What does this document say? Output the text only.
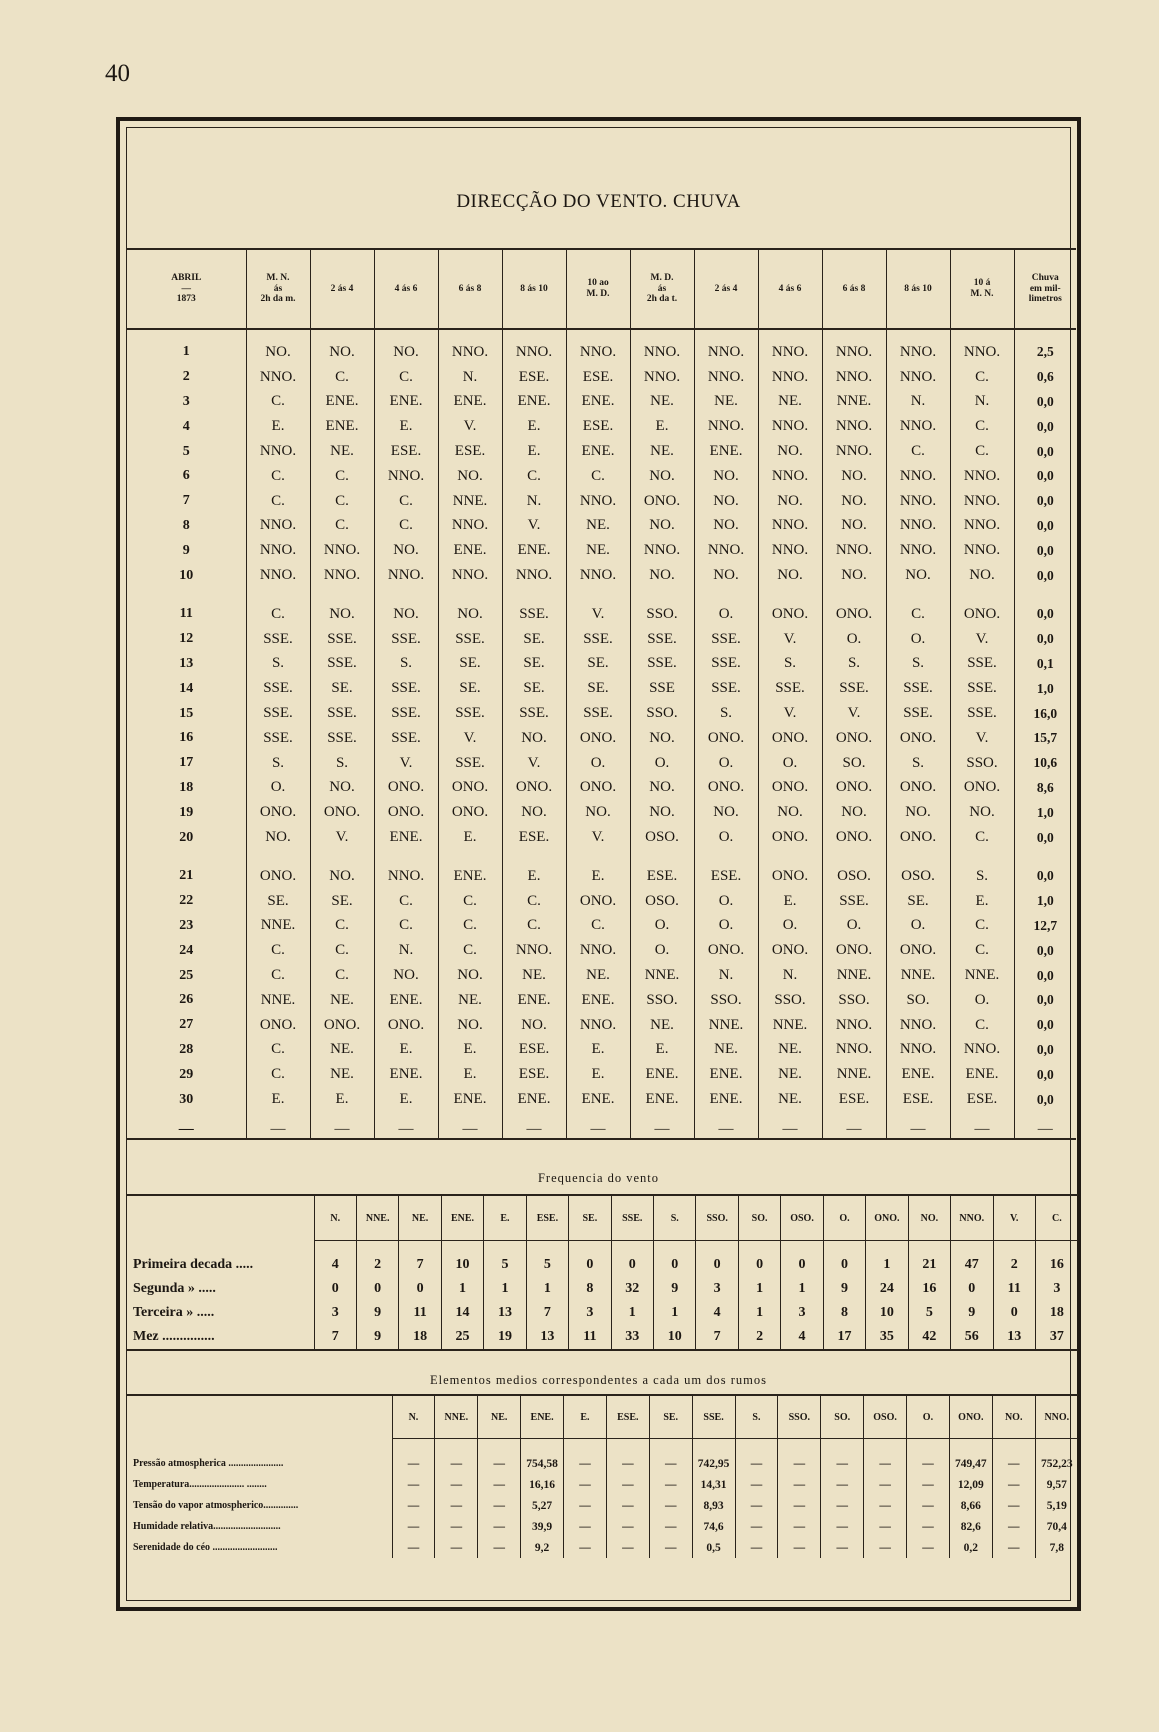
40
DIRECÇÃO DO VENTO. CHUVA
ABRIL
—
1873	M. N.
ás
2h da m.	2 ás 4	4 ás 6	6 ás 8	8 ás 10	10 ao
M. D.	M. D.
ás
2h da t.	2 ás 4	4 ás 6	6 ás 8	8 ás 10	10 á
M. N.	Chuva
em mil-
limetros
1	NO.	NO.	NO.	NNO.	NNO.	NNO.	NNO.	NNO.	NNO.	NNO.	NNO.	NNO.	2,5
2	NNO.	C.	C.	N.	ESE.	ESE.	NNO.	NNO.	NNO.	NNO.	NNO.	C.	0,6
3	C.	ENE.	ENE.	ENE.	ENE.	ENE.	NE.	NE.	NE.	NNE.	N.	N.	0,0
4	E.	ENE.	E.	V.	E.	ESE.	E.	NNO.	NNO.	NNO.	NNO.	C.	0,0
5	NNO.	NE.	ESE.	ESE.	E.	ENE.	NE.	ENE.	NO.	NNO.	C.	C.	0,0
6	C.	C.	NNO.	NO.	C.	C.	NO.	NO.	NNO.	NO.	NNO.	NNO.	0,0
7	C.	C.	C.	NNE.	N.	NNO.	ONO.	NO.	NO.	NO.	NNO.	NNO.	0,0
8	NNO.	C.	C.	NNO.	V.	NE.	NO.	NO.	NNO.	NO.	NNO.	NNO.	0,0
9	NNO.	NNO.	NO.	ENE.	ENE.	NE.	NNO.	NNO.	NNO.	NNO.	NNO.	NNO.	0,0
10	NNO.	NNO.	NNO.	NNO.	NNO.	NNO.	NO.	NO.	NO.	NO.	NO.	NO.	0,0
11	C.	NO.	NO.	NO.	SSE.	V.	SSO.	O.	ONO.	ONO.	C.	ONO.	0,0
12	SSE.	SSE.	SSE.	SSE.	SE.	SSE.	SSE.	SSE.	V.	O.	O.	V.	0,0
13	S.	SSE.	S.	SE.	SE.	SE.	SSE.	SSE.	S.	S.	S.	SSE.	0,1
14	SSE.	SE.	SSE.	SE.	SE.	SE.	SSE	SSE.	SSE.	SSE.	SSE.	SSE.	1,0
15	SSE.	SSE.	SSE.	SSE.	SSE.	SSE.	SSO.	S.	V.	V.	SSE.	SSE.	16,0
16	SSE.	SSE.	SSE.	V.	NO.	ONO.	NO.	ONO.	ONO.	ONO.	ONO.	V.	15,7
17	S.	S.	V.	SSE.	V.	O.	O.	O.	O.	SO.	S.	SSO.	10,6
18	O.	NO.	ONO.	ONO.	ONO.	ONO.	NO.	ONO.	ONO.	ONO.	ONO.	ONO.	8,6
19	ONO.	ONO.	ONO.	ONO.	NO.	NO.	NO.	NO.	NO.	NO.	NO.	NO.	1,0
20	NO.	V.	ENE.	E.	ESE.	V.	OSO.	O.	ONO.	ONO.	ONO.	C.	0,0
21	ONO.	NO.	NNO.	ENE.	E.	E.	ESE.	ESE.	ONO.	OSO.	OSO.	S.	0,0
22	SE.	SE.	C.	C.	C.	ONO.	OSO.	O.	E.	SSE.	SE.	E.	1,0
23	NNE.	C.	C.	C.	C.	C.	O.	O.	O.	O.	O.	C.	12,7
24	C.	C.	N.	C.	NNO.	NNO.	O.	ONO.	ONO.	ONO.	ONO.	C.	0,0
25	C.	C.	NO.	NO.	NE.	NE.	NNE.	N.	N.	NNE.	NNE.	NNE.	0,0
26	NNE.	NE.	ENE.	NE.	ENE.	ENE.	SSO.	SSO.	SSO.	SSO.	SO.	O.	0,0
27	ONO.	ONO.	ONO.	NO.	NO.	NNO.	NE.	NNE.	NNE.	NNO.	NNO.	C.	0,0
28	C.	NE.	E.	E.	ESE.	E.	E.	NE.	NE.	NNO.	NNO.	NNO.	0,0
29	C.	NE.	ENE.	E.	ESE.	E.	ENE.	ENE.	NE.	NNE.	ENE.	ENE.	0,0
30	E.	E.	E.	ENE.	ENE.	ENE.	ENE.	ENE.	NE.	ESE.	ESE.	ESE.	0,0
—	—	—	—	—	—	—	—	—	—	—	—	—	—
Frequencia do vento
	N.	NNE.	NE.	ENE.	E.	ESE.	SE.	SSE.	S.	SSO.	SO.	OSO.	O.	ONO.	NO.	NNO.	V.	C.
Primeira decada .....	4	2	7	10	5	5	0	0	0	0	0	0	0	1	21	47	2	16
Segunda » .....	0	0	0	1	1	1	8	32	9	3	1	1	9	24	16	0	11	3
Terceira » .....	3	9	11	14	13	7	3	1	1	4	1	3	8	10	5	9	0	18
Mez ...............	7	9	18	25	19	13	11	33	10	7	2	4	17	35	42	56	13	37
Elementos medios correspondentes a cada um dos rumos
	N.	NNE.	NE.	ENE.	E.	ESE.	SE.	SSE.	S.	SSO.	SO.	OSO.	O.	ONO.	NO.	NNO.
Pressão atmospherica ......................	—	—	—	754,58	—	—	—	742,95	—	—	—	—	—	749,47	—	752,23
Temperatura...................... ........	—	—	—	16,16	—	—	—	14,31	—	—	—	—	—	12,09	—	9,57
Tensão do vapor atmospherico..............	—	—	—	5,27	—	—	—	8,93	—	—	—	—	—	8,66	—	5,19
Humidade relativa...........................	—	—	—	39,9	—	—	—	74,6	—	—	—	—	—	82,6	—	70,4
Serenidade do céo ..........................	—	—	—	9,2	—	—	—	0,5	—	—	—	—	—	0,2	—	7,8
